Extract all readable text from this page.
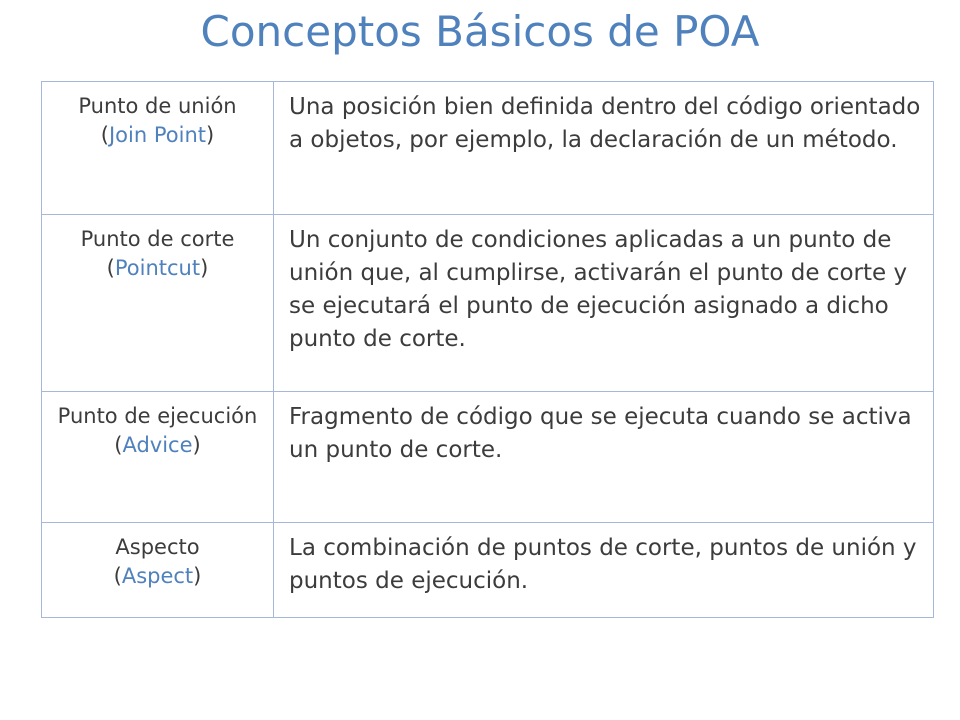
Conceptos Básicos de POA
Punto de unión
(Join Point)	Una posición bien definida dentro del código orientado a objetos, por ejemplo, la declaración de un método.

Punto de corte
(Pointcut)	Un conjunto de condiciones aplicadas a un punto de unión que, al cumplirse, activarán el punto de corte y se ejecutará el punto de ejecución asignado a dicho punto de corte.

Punto de ejecución
(Advice)	Fragmento de código que se ejecuta cuando se activa un punto de corte.

Aspecto
(Aspect)	La combinación de puntos de corte, puntos de unión y puntos de ejecución.
